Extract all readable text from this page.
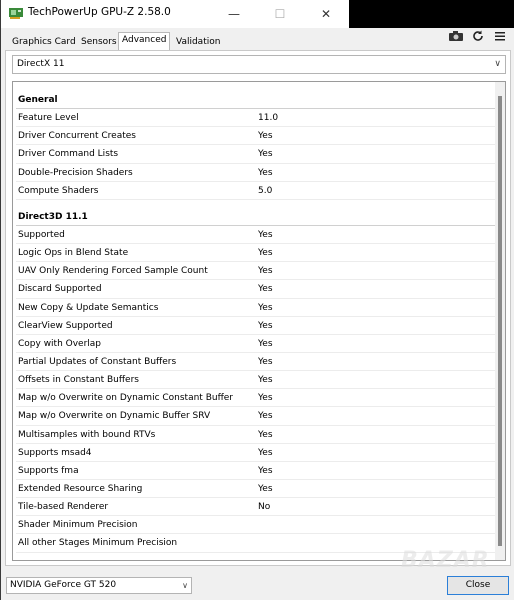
TechPowerUp GPU-Z 2.58.0	—	☐	✕
Graphics Card Sensors Advanced	Validation
DirectX 11	∨
General
Feature Level	11.0
Driver Concurrent Creates	Yes
Driver Command Lists	Yes
Double-Precision Shaders	Yes
Compute Shaders	5.0
Direct3D 11.1
Supported	Yes
Logic Ops in Blend State	Yes
UAV Only Rendering Forced Sample Count	Yes
Discard Supported	Yes
New Copy & Update Semantics	Yes
ClearView Supported	Yes
Copy with Overlap	Yes
Partial Updates of Constant Buffers	Yes
Offsets in Constant Buffers	Yes
Map w/o Overwrite on Dynamic Constant Buffer	Yes
Map w/o Overwrite on Dynamic Buffer SRV	Yes
Multisamples with bound RTVs	Yes
Supports msad4	Yes
Supports fma	Yes
Extended Resource Sharing	Yes
Tile-based Renderer	No
Shader Minimum Precision
All other Stages Minimum Precision
NVIDIA GeForce GT 520	∨	Close
BAZAR
